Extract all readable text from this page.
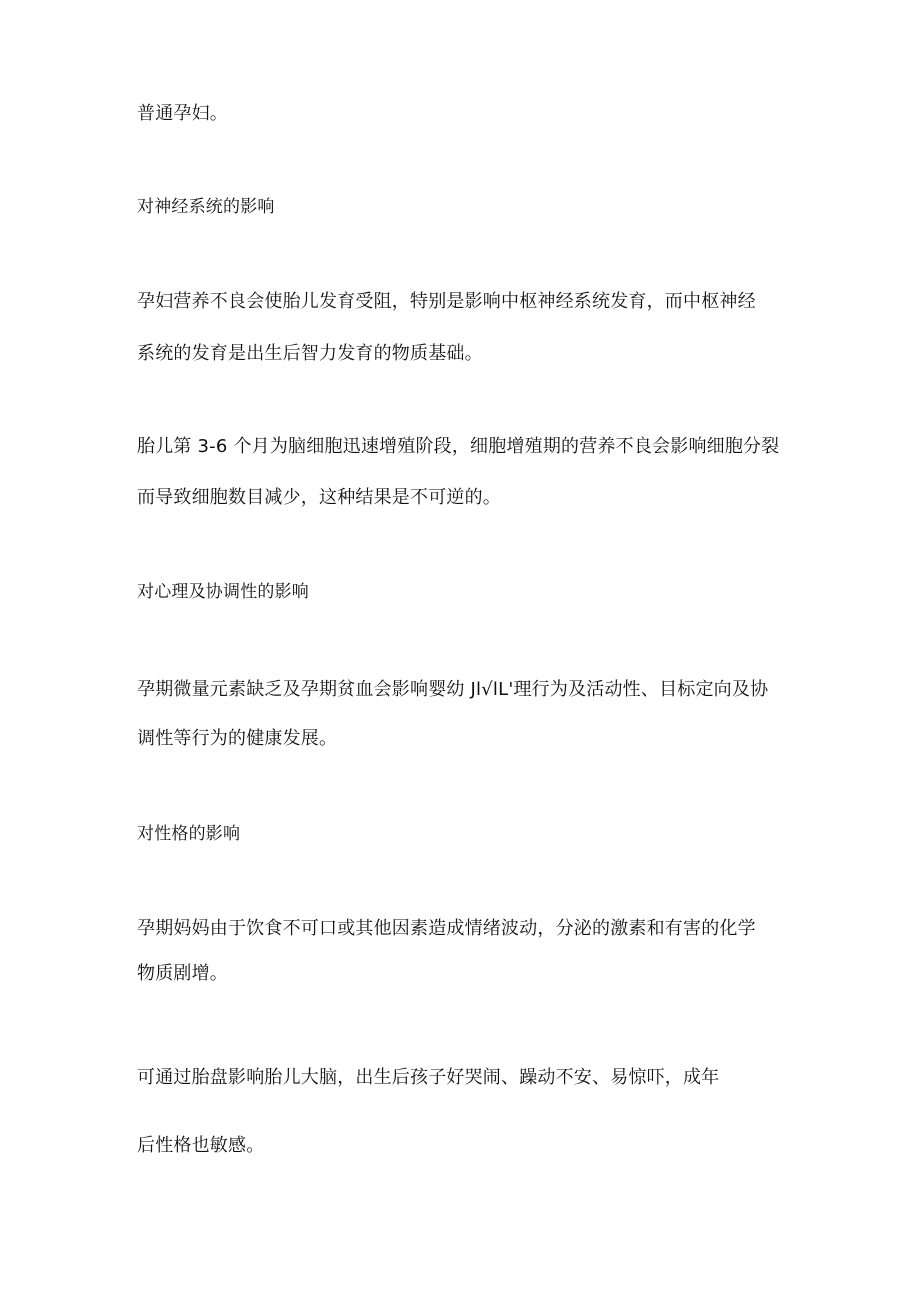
普通孕妇。
对神经系统的影响
孕妇营养不良会使胎儿发育受阻，特别是影响中枢神经系统发育，而中枢神经
系统的发育是出生后智力发育的物质基础。
胎儿第 3-6 个月为脑细胞迅速增殖阶段，细胞增殖期的营养不良会影响细胞分裂
而导致细胞数目减少，这种结果是不可逆的。
对心理及协调性的影响
孕期微量元素缺乏及孕期贫血会影响婴幼 Jl√lL'理行为及活动性、目标定向及协
调性等行为的健康发展。
对性格的影响
孕期妈妈由于饮食不可口或其他因素造成情绪波动，分泌的激素和有害的化学
物质剧增。
可通过胎盘影响胎儿大脑，出生后孩子好哭闹、躁动不安、易惊吓，成年
后性格也敏感。
